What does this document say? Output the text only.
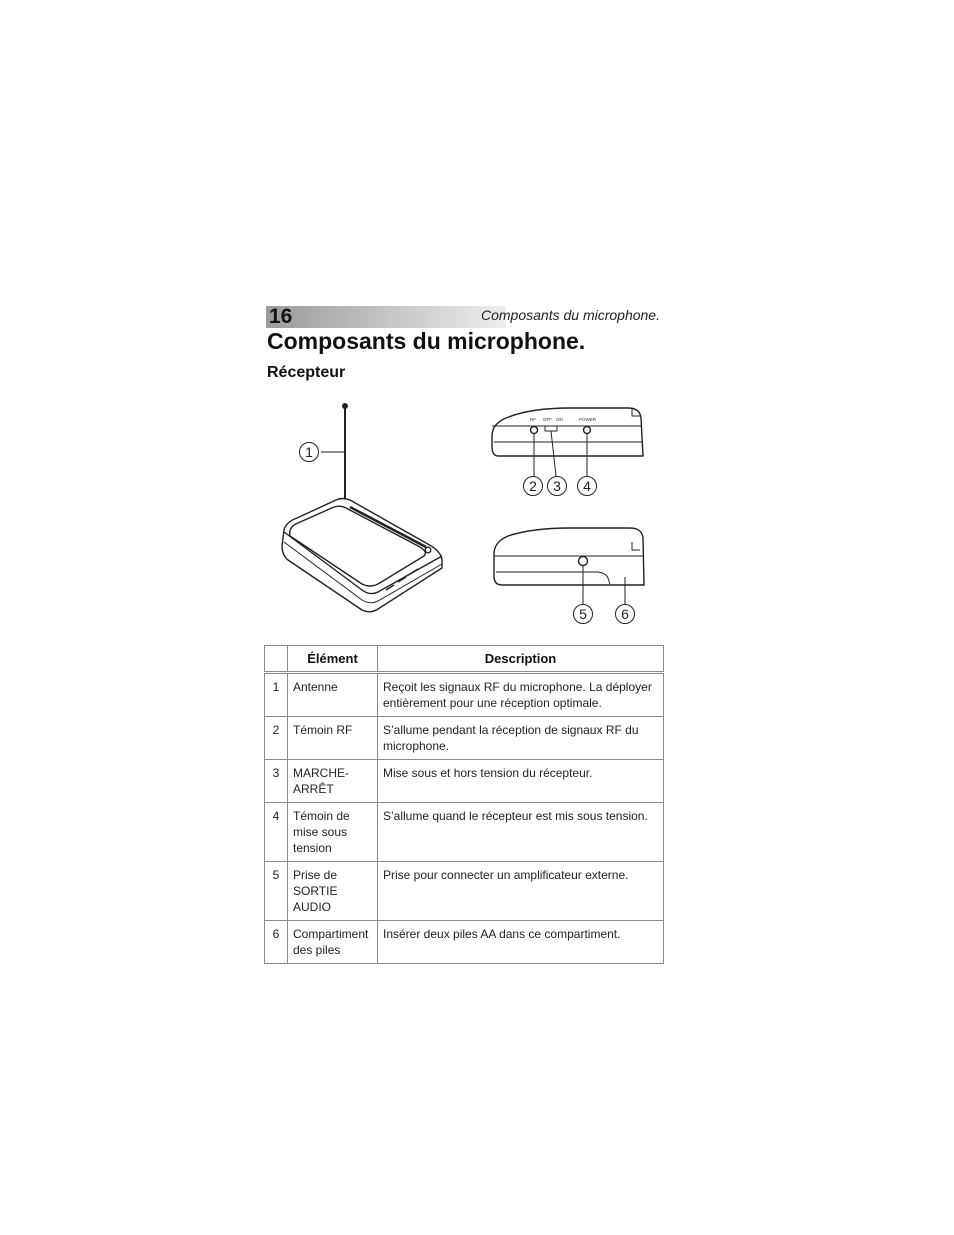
16	Composants du microphone.
Composants du microphone.
Récepteur
1
RF OFF ON	POWER
2 3 4
5 6
	Élément	Description
1	Antenne	Reçoit les signaux RF du microphone. La déployer entièrement pour une réception optimale.
2	Témoin RF	S’allume pendant la réception de signaux RF du microphone.
3	MARCHE-ARRÊT	Mise sous et hors tension du récepteur.
4	Témoin de mise sous tension	S’allume quand le récepteur est mis sous tension.
5	Prise de SORTIE AUDIO	Prise pour connecter un amplificateur externe.
6	Compartiment des piles	Insérer deux piles AA dans ce compartiment.
